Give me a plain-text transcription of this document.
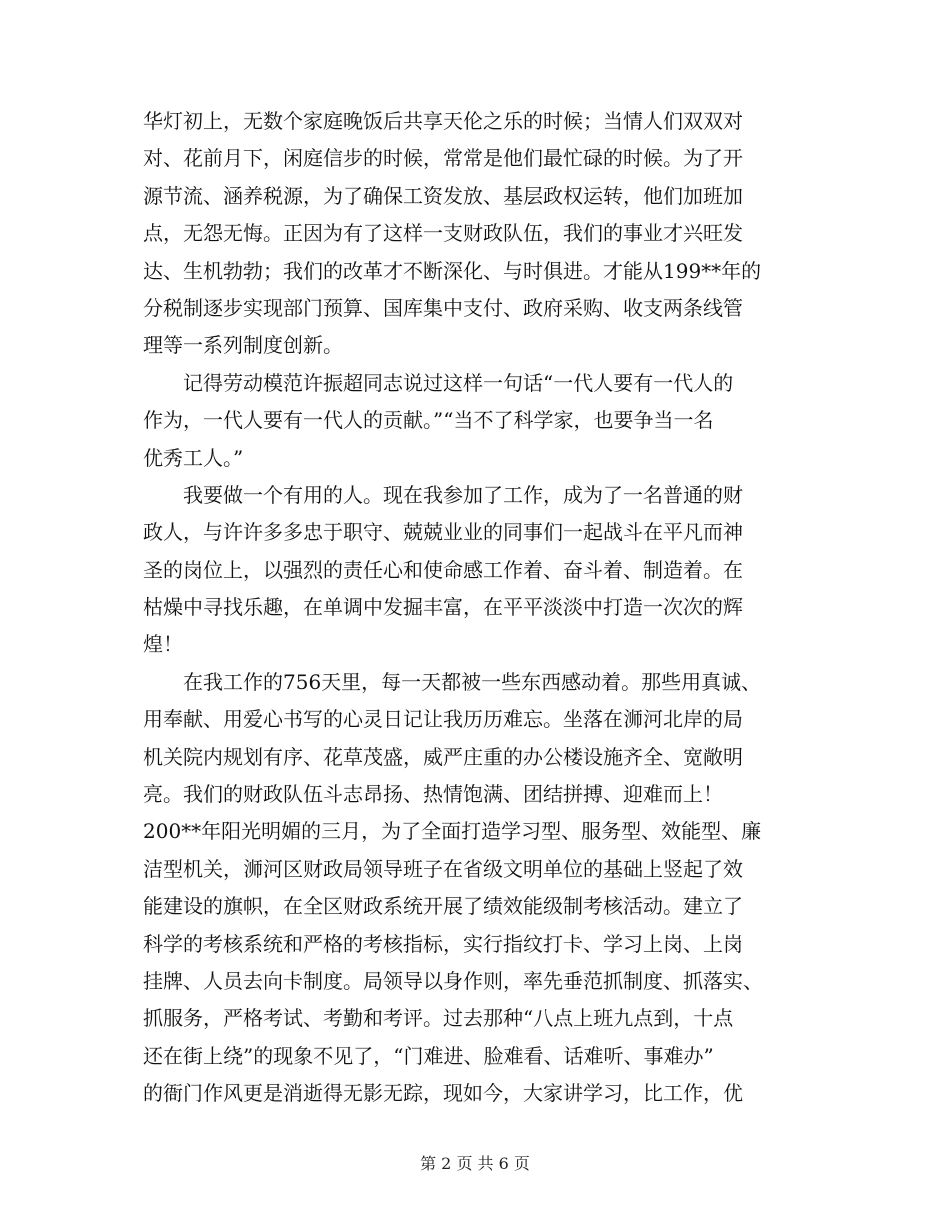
华灯初上，无数个家庭晚饭后共享天伦之乐的时候；当情人们双双对
对、花前月下，闲庭信步的时候，常常是他们最忙碌的时候。为了开
源节流、涵养税源，为了确保工资发放、基层政权运转，他们加班加
点，无怨无悔。正因为有了这样一支财政队伍，我们的事业才兴旺发
达、生机勃勃；我们的改革才不断深化、与时俱进。才能从199**年的
分税制逐步实现部门预算、国库集中支付、政府采购、收支两条线管
理等一系列制度创新。
记得劳动模范许振超同志说过这样一句话“一代人要有一代人的
作为，一代人要有一代人的贡献。”“当不了科学家，也要争当一名
优秀工人。”
我要做一个有用的人。现在我参加了工作，成为了一名普通的财
政人，与许许多多忠于职守、兢兢业业的同事们一起战斗在平凡而神
圣的岗位上，以强烈的责任心和使命感工作着、奋斗着、制造着。在
枯燥中寻找乐趣，在单调中发掘丰富，在平平淡淡中打造一次次的辉
煌！
在我工作的756天里，每一天都被一些东西感动着。那些用真诚、
用奉献、用爱心书写的心灵日记让我历历难忘。坐落在浉河北岸的局
机关院内规划有序、花草茂盛，威严庄重的办公楼设施齐全、宽敞明
亮。我们的财政队伍斗志昂扬、热情饱满、团结拼搏、迎难而上！
200**年阳光明媚的三月，为了全面打造学习型、服务型、效能型、廉
洁型机关，浉河区财政局领导班子在省级文明单位的基础上竖起了效
能建设的旗帜，在全区财政系统开展了绩效能级制考核活动。建立了
科学的考核系统和严格的考核指标，实行指纹打卡、学习上岗、上岗
挂牌、人员去向卡制度。局领导以身作则，率先垂范抓制度、抓落实、
抓服务，严格考试、考勤和考评。过去那种“八点上班九点到，十点
还在街上绕”的现象不见了，“门难进、脸难看、话难听、事难办”
的衙门作风更是消逝得无影无踪，现如今，大家讲学习，比工作，优
第 2 页 共 6 页
